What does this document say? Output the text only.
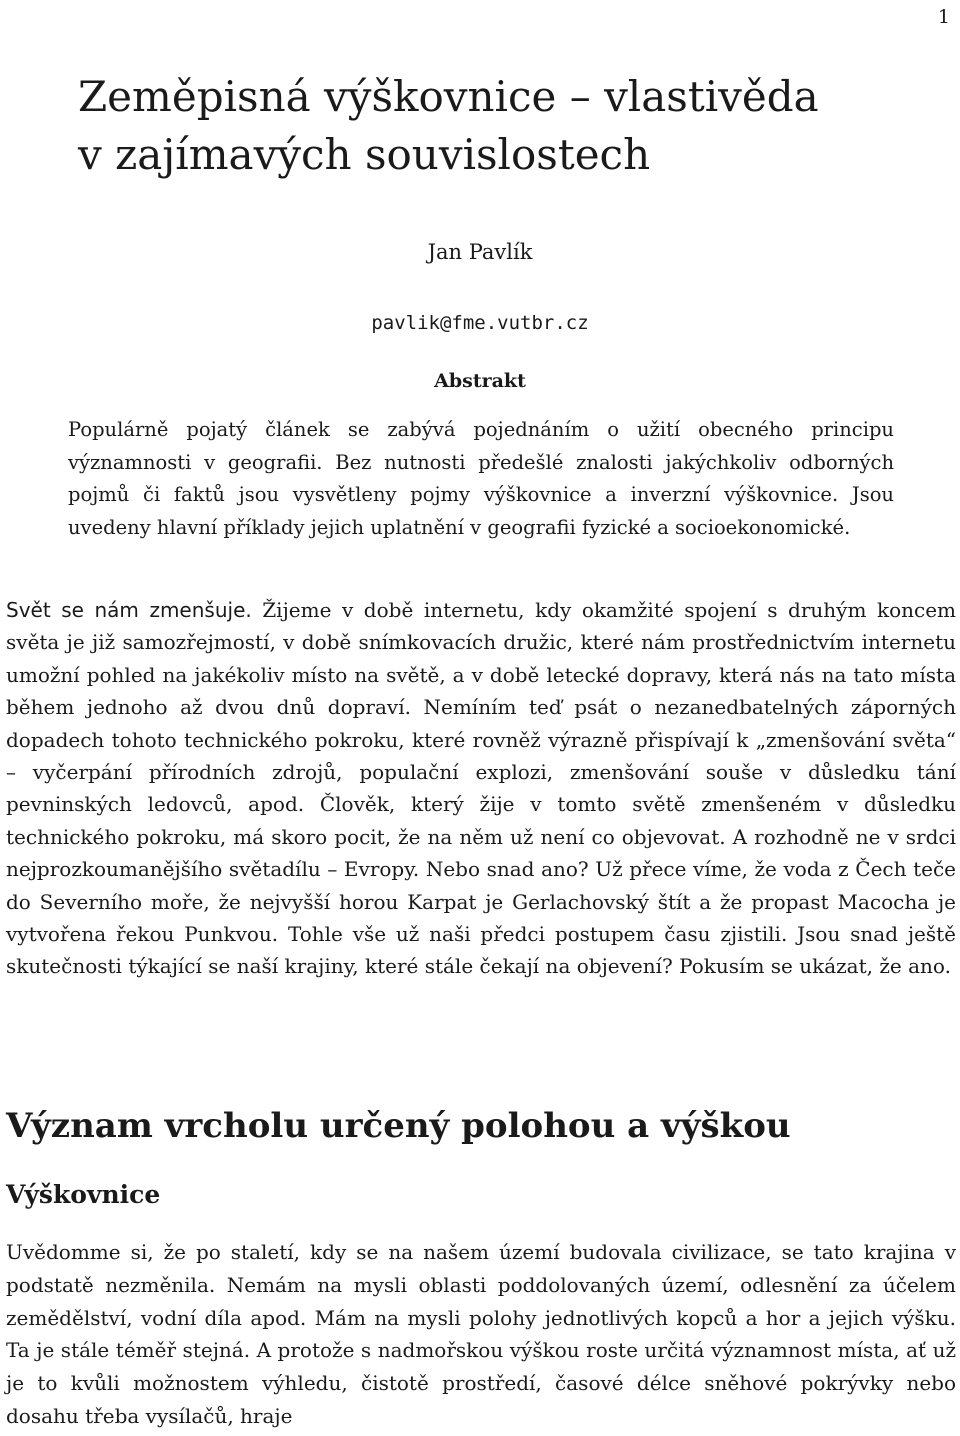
1
Zeměpisná výškovnice – vlastivěda
v zajímavých souvislostech
Jan Pavlík
pavlik@fme.vutbr.cz
Abstrakt

Populárně pojatý článek se zabývá pojednáním o užití obecného principu významnosti v geografii. Bez nutnosti předešlé znalosti jakýchkoliv odborných pojmů či faktů jsou vysvětleny pojmy výškovnice a inverzní výškovnice. Jsou uvedeny hlavní příklady jejich uplatnění v geografii fyzické a socioekonomické.

Svět se nám zmenšuje. Žijeme v době internetu, kdy okamžité spojení s druhým koncem světa je již samozřejmostí, v době snímkovacích družic, které nám prostřednictvím internetu umožní pohled na jakékoliv místo na světě, a v době letecké dopravy, která nás na tato místa během jednoho až dvou dnů dopraví. Nemíním teď psát o nezanedbatelných záporných dopadech tohoto technického pokroku, které rovněž výrazně přispívají k „zmenšování světa“ – vyčerpání přírodních zdrojů, populační explozi, zmenšování souše v důsledku tání pevninských ledovců, apod. Člověk, který žije v tomto světě zmenšeném v důsledku technického pokroku, má skoro pocit, že na něm už není co objevovat. A rozhodně ne v srdci nejprozkoumanějšího světadílu – Evropy. Nebo snad ano? Už přece víme, že voda z Čech teče do Severního moře, že nejvyšší horou Karpat je Gerlachovský štít a že propast Macocha je vytvořena řekou Punkvou. Tohle vše už naši předci postupem času zjistili. Jsou snad ještě skutečnosti týkající se naší krajiny, které stále čekají na objevení? Pokusím se ukázat, že ano.

Význam vrcholu určený polohou a výškou
Výškovnice

Uvědomme si, že po staletí, kdy se na našem území budovala civilizace, se tato krajina v podstatě nezměnila. Nemám na mysli oblasti poddolovaných území, odlesnění za účelem zemědělství, vodní díla apod. Mám na mysli polohy jednotlivých kopců a hor a jejich výšku. Ta je stále téměř stejná. A protože s nadmořskou výškou roste určitá významnost místa, ať už je to kvůli možnostem výhledu, čistotě prostředí, časové délce sněhové pokrývky nebo dosahu třeba vysílačů, hraje
